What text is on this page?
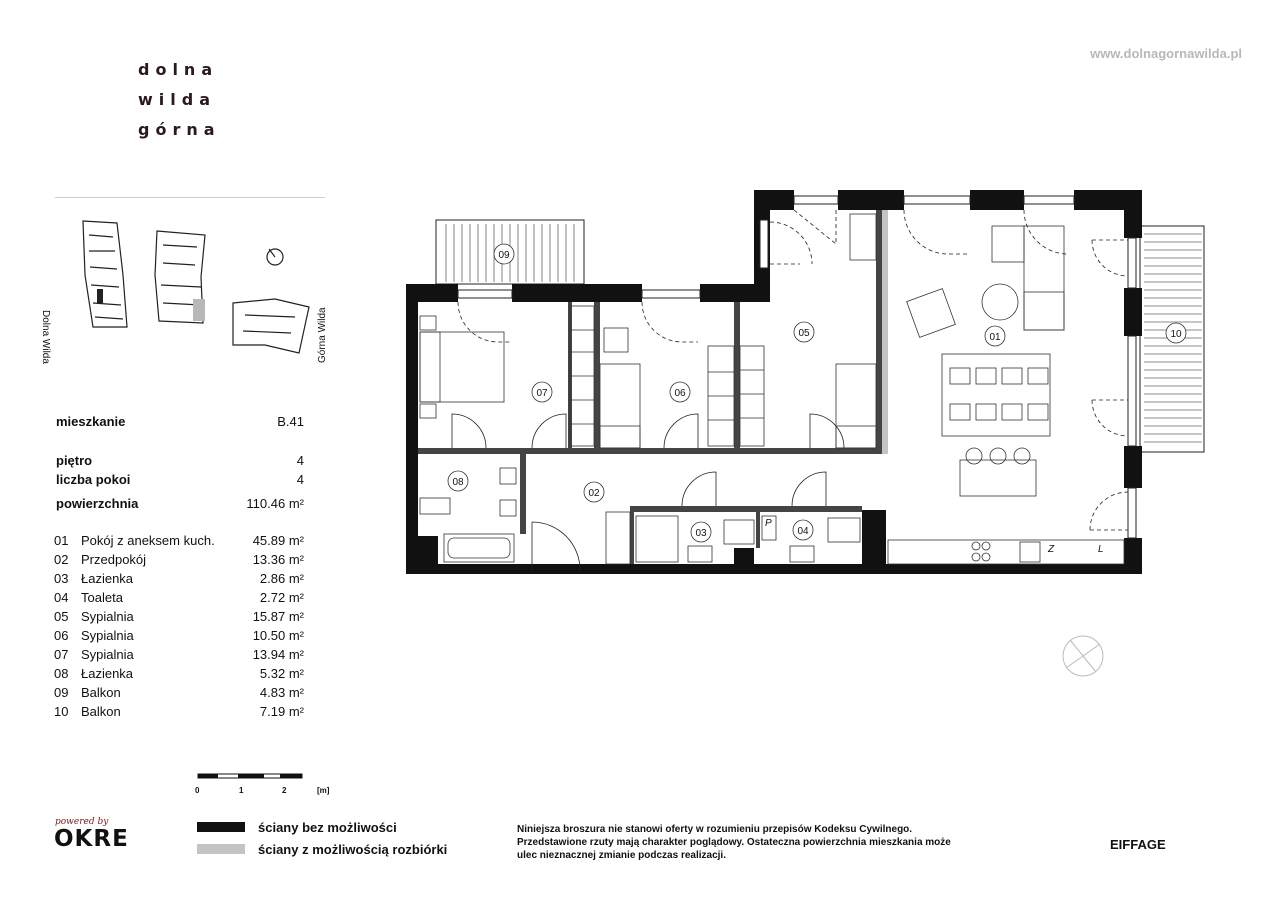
dolna
wilda
górna
www.dolnagornawilda.pl
Dolna Wilda	Górna Wilda
mieszkanie	B.41
piętro	4
liczba pokoi	4
powierzchnia	110.46 m²
01 Pokój z aneksem kuch.	45.89 m²
02 Przedpokój	13.36 m²
03 Łazienka	2.86 m²
04 Toaleta	2.72 m²
05 Sypialnia	15.87 m²
06 Sypialnia	10.50 m²
07 Sypialnia	13.94 m²
08 Łazienka	5.32 m²
09 Balkon	4.83 m²
10 Balkon	7.19 m²
01
02
03	04
05
06
07
08
09
10
Z	L
P
0	1	2	[m]
ściany bez możliwości
ściany z możliwością rozbiórki
powered by
OKRE	Niniejsza broszura nie stanowi oferty w rozumieniu przepisów Kodeksu Cywilnego.
Przedstawione rzuty mają charakter poglądowy. Ostateczna powierzchnia mieszkania może
ulec nieznacznej zmianie podczas realizacji.
EIFFAGE
